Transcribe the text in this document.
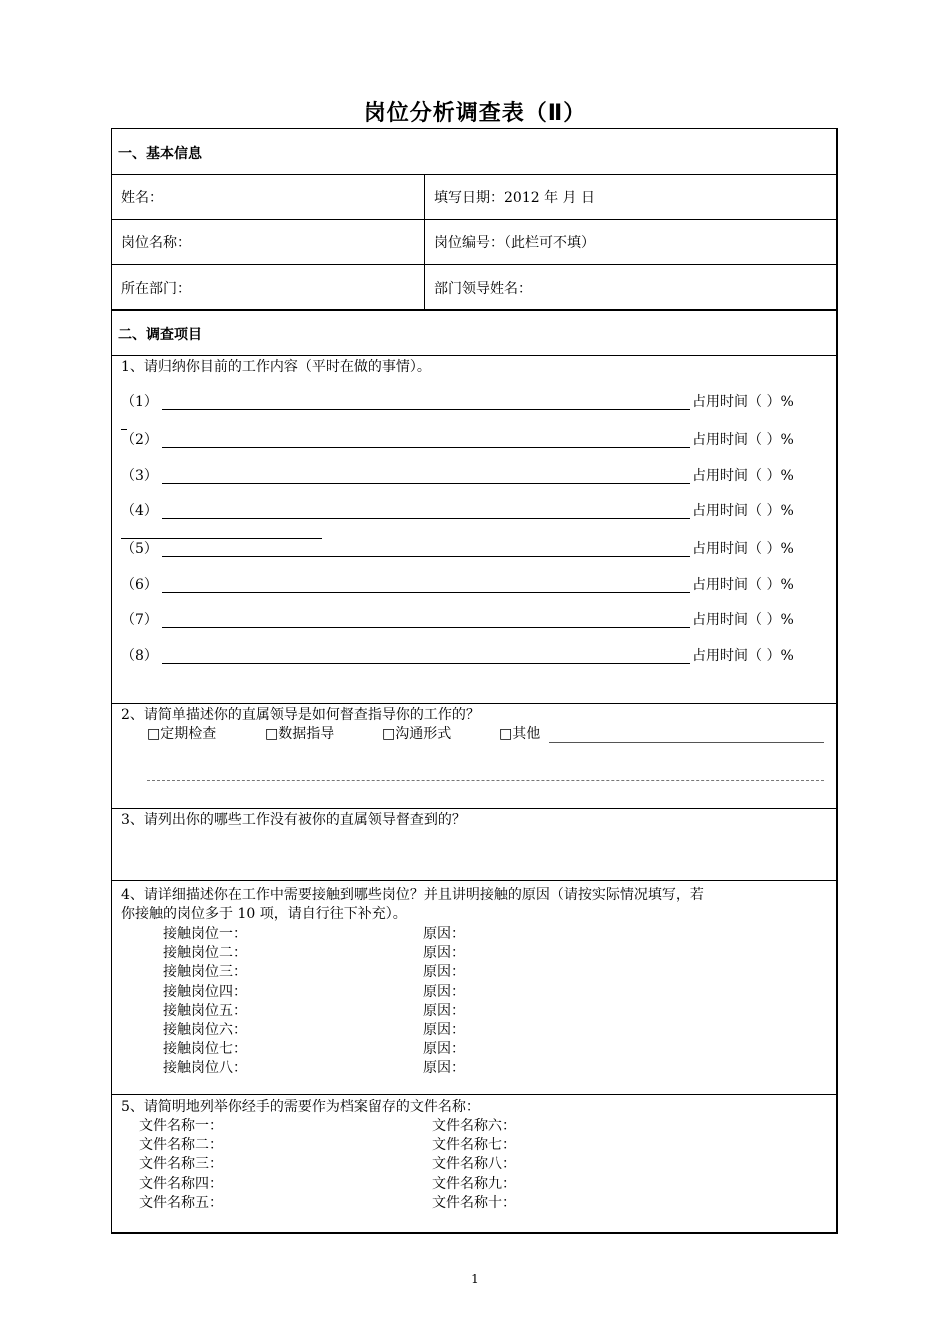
岗位分析调查表（Ⅱ）
一、基本信息
姓名：	填写日期：2012 年 月 日
岗位名称：	岗位编号：（此栏可不填）
所在部门：	部门领导姓名：
二、调查项目
1、请归纳你目前的工作内容（平时在做的事情）。
（1）	占用时间（ ）%
（2）	占用时间（ ）%
（3）	占用时间（ ）%
（4）	占用时间（ ）%
（5）	占用时间（ ）%
（6）	占用时间（ ）%
（7）	占用时间（ ）%
（8）	占用时间（ ）%
2、请简单描述你的直属领导是如何督查指导你的工作的？
□定期检查	□数据指导	□沟通形式	□其他
3、请列出你的哪些工作没有被你的直属领导督查到的？
4、请详细描述你在工作中需要接触到哪些岗位？并且讲明接触的原因（请按实际情况填写，若
你接触的岗位多于 10 项，请自行往下补充）。
接触岗位一：	原因：
接触岗位二：	原因：
接触岗位三：	原因：
接触岗位四：	原因：
接触岗位五：	原因：
接触岗位六：	原因：
接触岗位七：	原因：
接触岗位八：	原因：
5、请简明地列举你经手的需要作为档案留存的文件名称：
文件名称一：	文件名称六：
文件名称二：	文件名称七：
文件名称三：	文件名称八：
文件名称四：	文件名称九：
文件名称五：	文件名称十：
1
